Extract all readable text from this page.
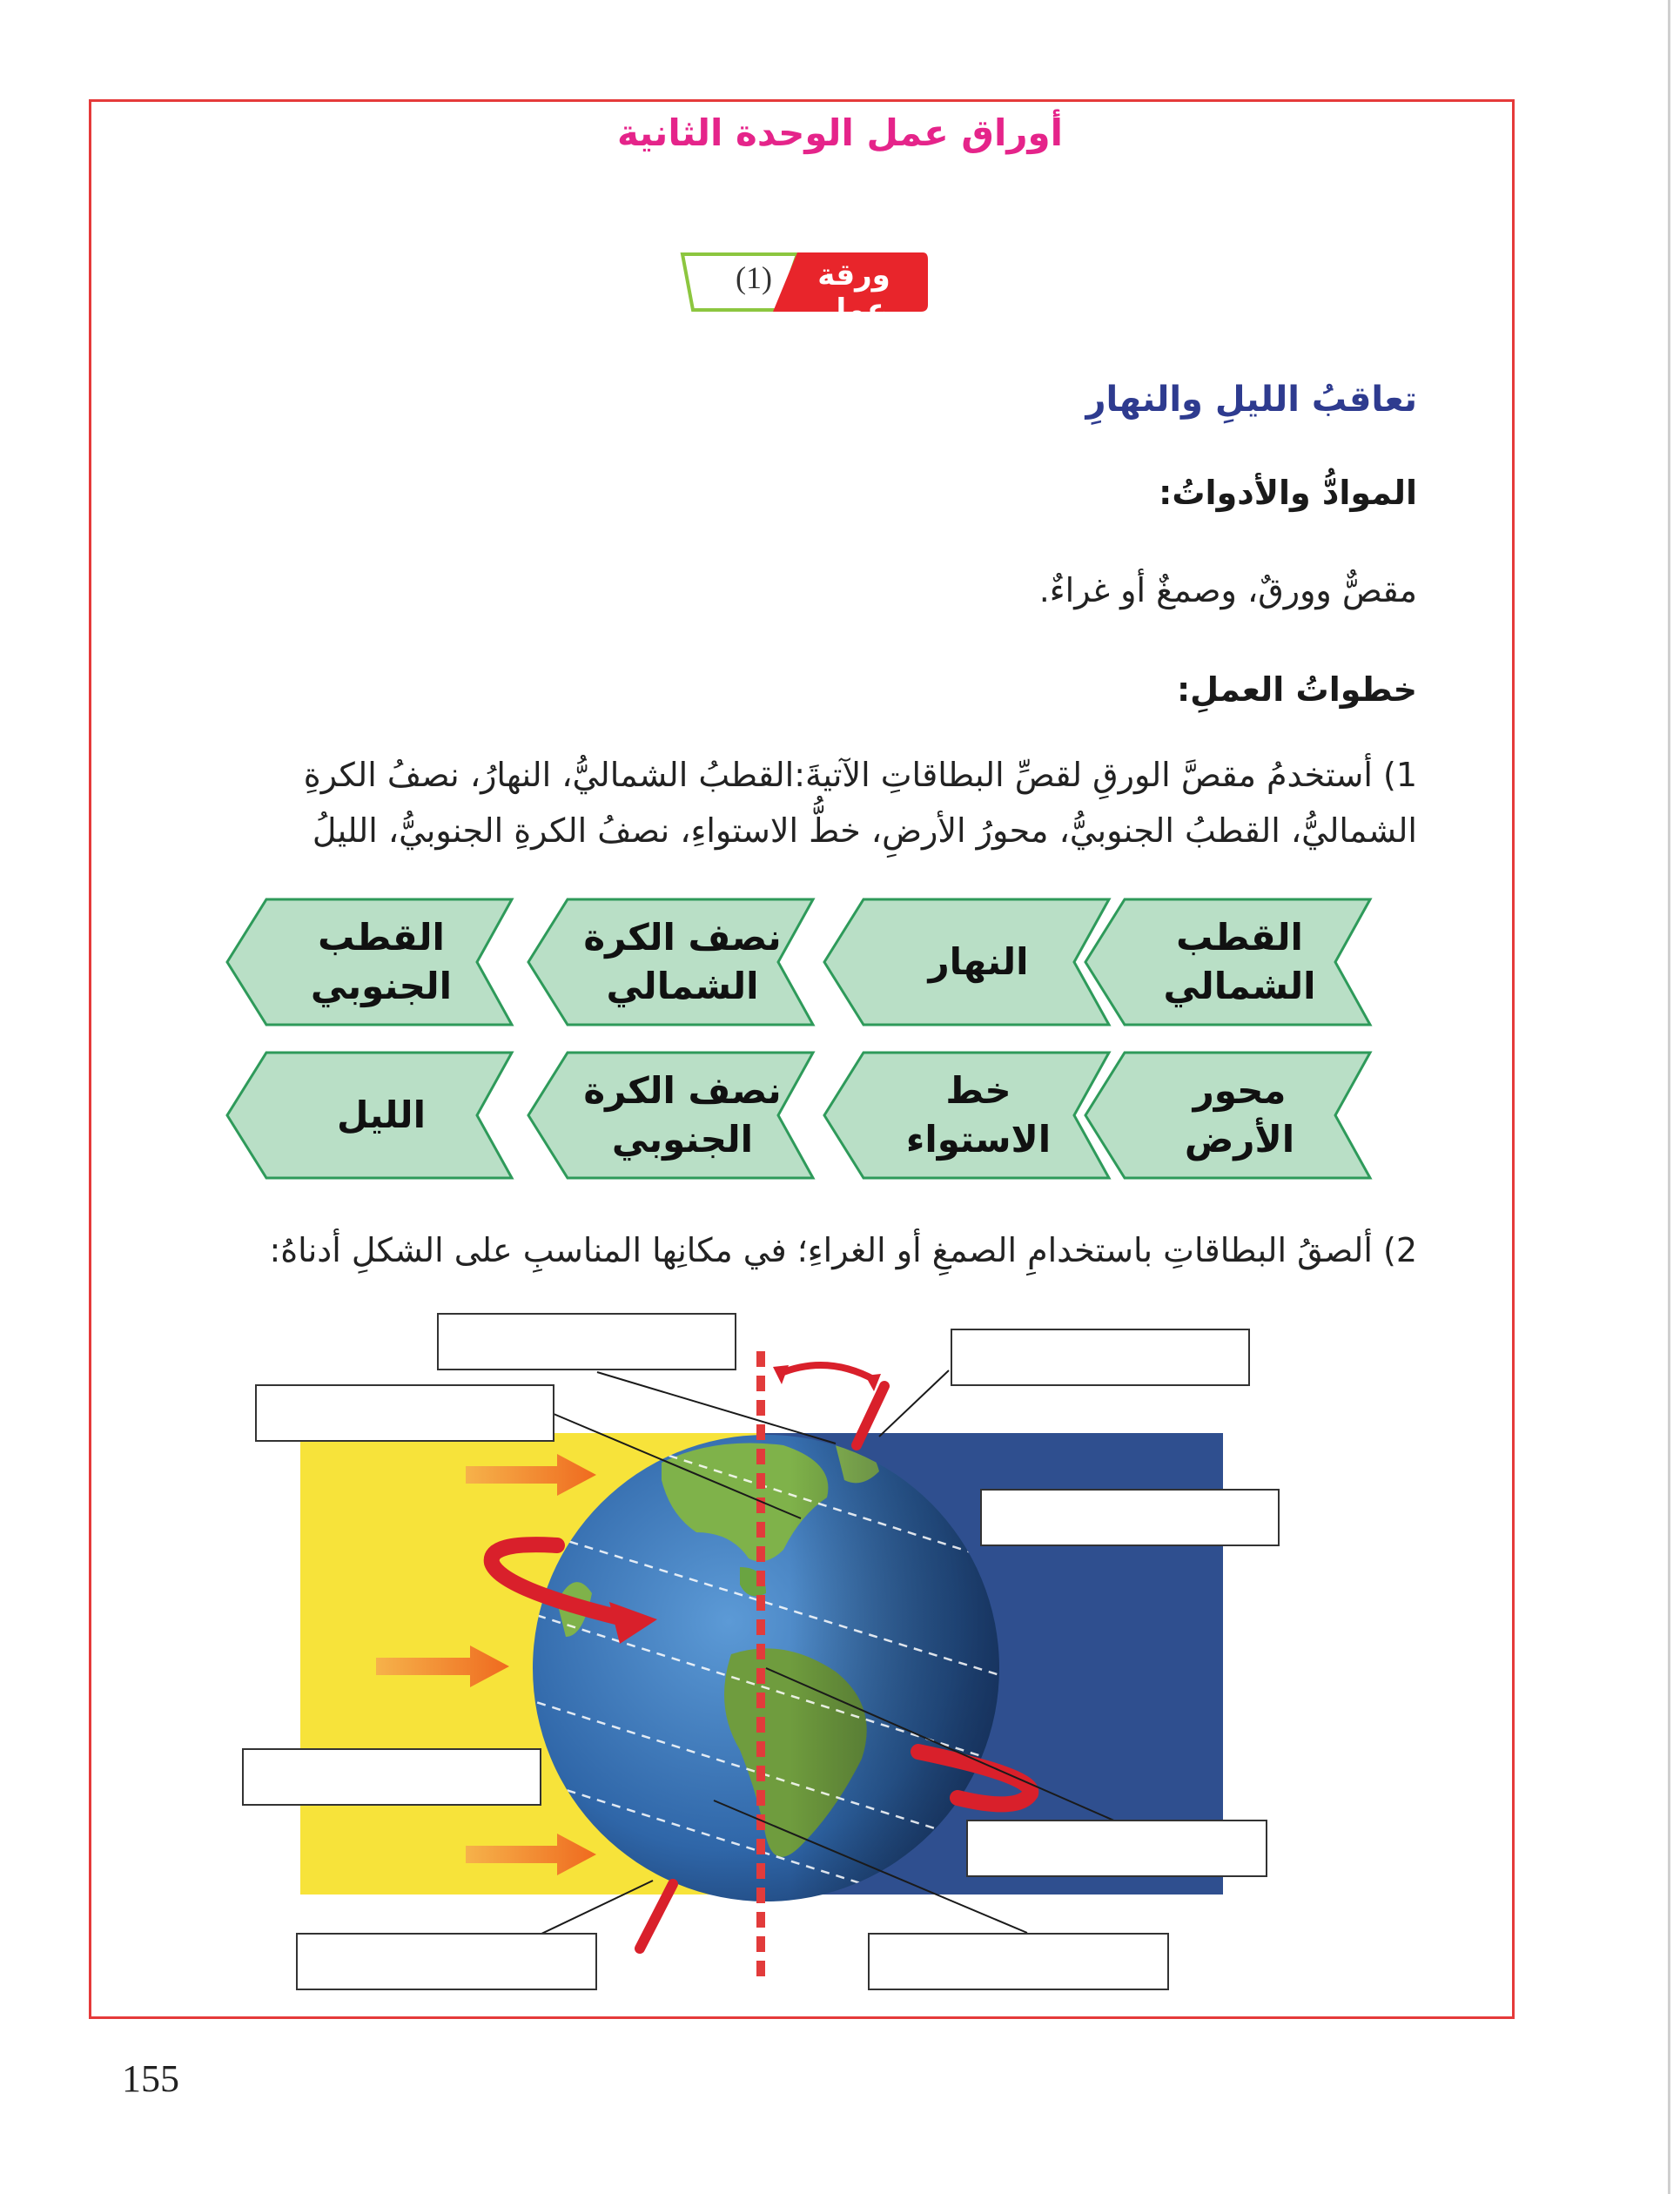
أوراق عمل الوحدة الثانية
(1)	ورقة عمل
تعاقبُ الليلِ والنهارِ
الموادُّ والأدواتُ:
مقصٌّ وورقٌ، وصمغٌ أو غراءٌ.
خطواتُ العملِ:
1) أستخدمُ مقصَّ الورقِ لقصِّ البطاقاتِ الآتيةَ:القطبُ الشماليُّ، النهارُ، نصفُ الكرةِ الشماليُّ، القطبُ الجنوبيُّ، محورُ الأرضِ، خطُّ الاستواءِ، نصفُ الكرةِ الجنوبيُّ، الليلُ
القطب
الشمالي
النهار
نصف الكرة
الشمالي
القطب
الجنوبي
محور الأرض
خط
الاستواء
نصف الكرة
الجنوبي
الليل
2) ألصقُ البطاقاتِ باستخدامِ الصمغِ أو الغراءِ؛ في مكانِها المناسبِ على الشكلِ أدناهُ:
155
